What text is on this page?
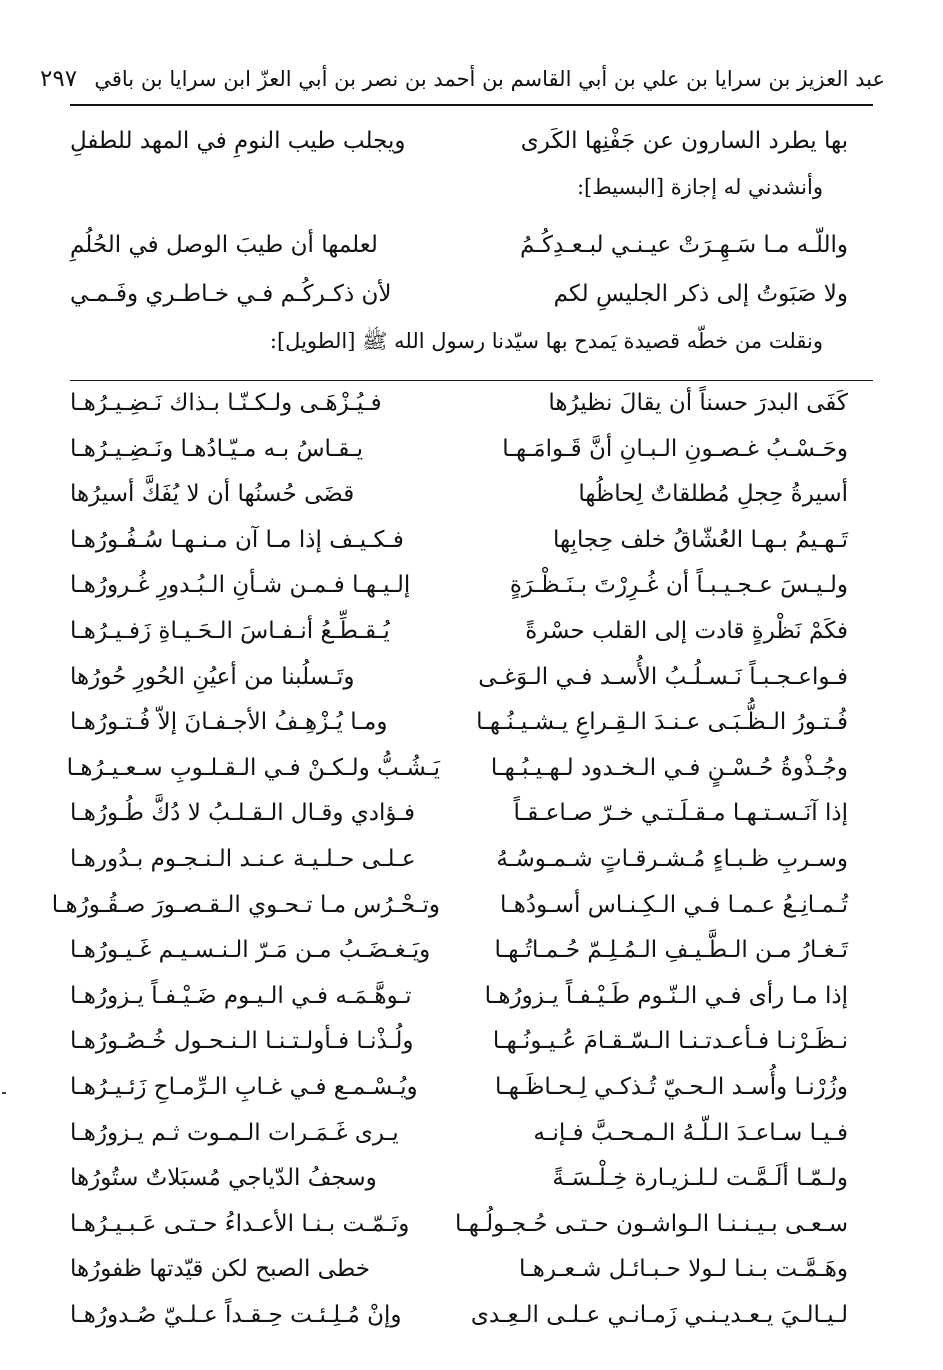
عبد العزيز بن سرايا بن علي بن أبي القاسم بن أحمد بن نصر بن أبي العزّ ابن سرايا بن باقي
٢٩٧
بها يطرد السارون عن جَفْنِها الكَرى
ويجلب طيب النومِ في المهد للطفلِ
وأنشدني له إجازة [البسيط]:
واللّـه مـا سَـهِـرَتْ عيـنـي لبـعـدِكُـمُ
لعلمها أن طيبَ الوصل في الحُلُمِ
ولا صَبَوتُ إلى ذكر الجليسِ لكم
لأن ذكـركُـم فـي خـاطـري وفَـمـي
ونقلت من خطّه قصيدة يَمدح بها سيّدنا رسول الله ﷺ [الطويل]:
كَفَى البدرَ حسناً أن يقالَ نظيرُها
فـيُـزْهَـى ولـكـنّـا بـذاك نَـضِـيـرُهـا
وحَـسْـبُ غـصـونِ الـبـانِ أنَّ قَـوامَـهـا
يـقـاسُ بـه مـيّـادُهـا ونَـضِـيـرُهـا
أسيرةُ حِجلِ مُطلقاتٌ لِحاظُها
قضَى حُسنُها أن لا يُفَكَّ أسيرُها
تَـهـيمُ بـهـا العُشّاقُ خلف حِجابِها
فـكـيـف إذا مـا آن مـنـهـا سُـفُـورُهـا
ولـيـسَ عـجـيـبـاً أن غُـرِرْتَ بـنَـظْـرَةٍ
إلـيـهـا فـمـن شـأنِ الـبُـدورِ غُـرورُهـا
فكَمْ نَظْرةٍ قادت إلى القلب حسْرةً
يُـقـطِّـعُ أنـفـاسَ الـحَـيـاةِ زَفـيـرُهـا
فـواعـجـبـاً نَـسـلُـبُ الأُسـد فـي الـوَغـى
وتَـسلُبنا من أعيُنِ الحُورِ حُورُها
فُـتـورُ الـظُّـبَـى عـنـدَ الـقِـراعِ يـشـيـنُـهـا
ومـا يُـزْهِـفُ الأجـفـانَ إلاّ فُـتـورُهـا
وجُـذْوةُ حُـسْـنٍ فـي الـخـدود لـهـيـبُـهـا
يَـشُـبُّ ولـكـنْ فـي الـقـلـوبِ سـعـيـرُهـا
إذا آنَـسـتـهـا مـقـلَـتـي خـرّ صـاعـقـاً
فـؤادي وقـال الـقـلـبُ لا دُكَّ طُـورُهـا
وسـربِ ظـبـاءٍ مُـشـرقـاتٍ شـمـوسُـهُ
عـلـى حـلـيـة عـنـد الـنـجـوم بـدُورهـا
تُـمـانِـعُ عـمـا فـي الـكِـنـاس أسـودُهـا
وتـحْـرُس مـا تـحـوي الـقـصـورَ صـقُـورُهـا
تَـغـارُ مـن الـطَّـيـفِ الـمُـلِـمّ حُـمـاتُـهـا
ويَـغـضَـبُ مـن مَـرّ الـنـسـيـم غَـيـورُهـا
إذا مـا رأى فـي الـنّـوم طَـيْـفـاً يـزورُهـا
تـوهَّـمَـه فـي الـيـوم ضَـيْـفـاً يـزورُهـا
نـظَـرْنـا فـأعـدتـنـا الـسّـقـامَ عُـيـونُـهـا
ولُـذْنـا فـأولـتـنـا الـنـحـول خُـصُـورُهـا
وزُرْنـا وأُسـد الـحـيّ تُـذكـي لِـحـاظَـهـا
ويُـسْـمـع فـي غـابِ الـرِّمـاحِ زَئـيـرُهـا
فـيـا سـاعـدَ الـلّـهُ الـمـحـبَّ فـإنـه
يـرى غَـمَـرات الـمـوت ثـم يـزورُهـا
ولـمّـا ألَـمَّـت لـلـزيـارة خِـلْـسَـةً
وسجفُ الدّياجي مُسبَلاتٌ ستُورُها
سـعـى بـيـنـنـا الـواشـون حـتـى حُـجـولُـهـا
ونَـمّـت بـنـا الأعـداءُ حـتـى عَـبـيـرُهـا
وهَـمَّـت بـنـا لـولا حـبـائـل شـعـرهـا
خطى الصبح لكن قيّدتها ظفورُها
لـيـالـيَ يـعـديـنـي زَمـانـي عـلـى الـعِـدى
وإنْ مُـلِـئـت حِـقـداً عـلـيّ صُـدورُهـا
